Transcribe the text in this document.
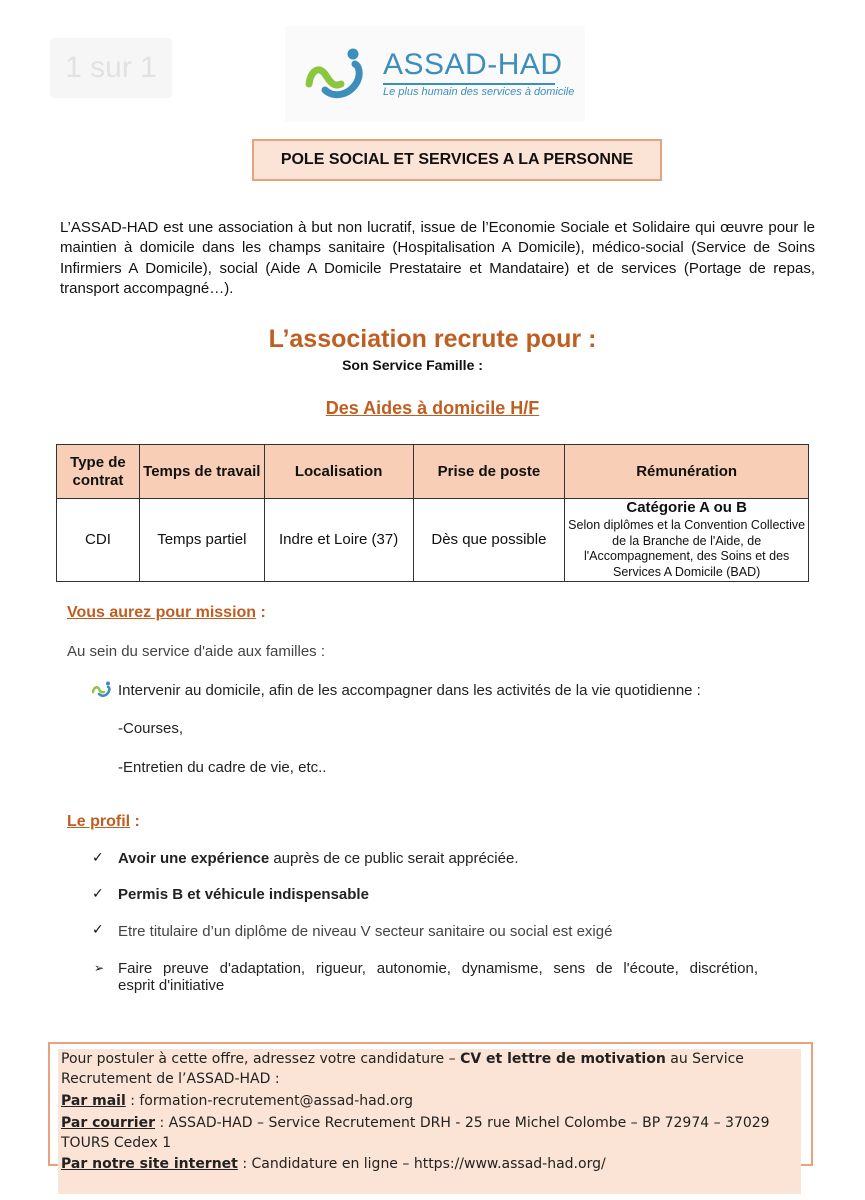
1 sur 1	ASSAD-HAD
Le plus humain des services à domicile
POLE SOCIAL ET SERVICES A LA PERSONNE

L’ASSAD-HAD est une association à but non lucratif, issue de l’Economie Sociale et Solidaire qui œuvre pour le maintien à domicile dans les champs sanitaire (Hospitalisation A Domicile), médico-social (Service de Soins Infirmiers A Domicile), social (Aide A Domicile Prestataire et Mandataire) et de services (Portage de repas, transport accompagné…).

L’association recrute pour :
Son Service Famille :
Des Aides à domicile H/F
Type de contrat	Temps de travail	Localisation	Prise de poste	Rémunération
CDI	Temps partiel	Indre et Loire (37)	Dès que possible	Catégorie A ou B
Selon diplômes et la Convention Collective de la Branche de l'Aide, de l'Accompagnement, des Soins et des Services A Domicile (BAD)
Vous aurez pour mission :
Au sein du service d'aide aux familles :
Intervenir au domicile, afin de les accompagner dans les activités de la vie quotidienne :
-Courses,
-Entretien du cadre de vie, etc..
Le profil :
✓ Avoir une expérience auprès de ce public serait appréciée.
✓ Permis B et véhicule indispensable
✓ Etre titulaire d’un diplôme de niveau V secteur sanitaire ou social est exigé
➢ Faire preuve d'adaptation, rigueur, autonomie, dynamisme, sens de l'écoute, discrétion,
esprit d'initiative
Pour postuler à cette offre, adressez votre candidature – CV et lettre de motivation au Service Recrutement de l’ASSAD-HAD :
Par mail : formation-recrutement@assad-had.org
Par courrier : ASSAD-HAD – Service Recrutement DRH - 25 rue Michel Colombe – BP 72974 – 37029 TOURS Cedex 1
Par notre site internet : Candidature en ligne – https://www.assad-had.org/
